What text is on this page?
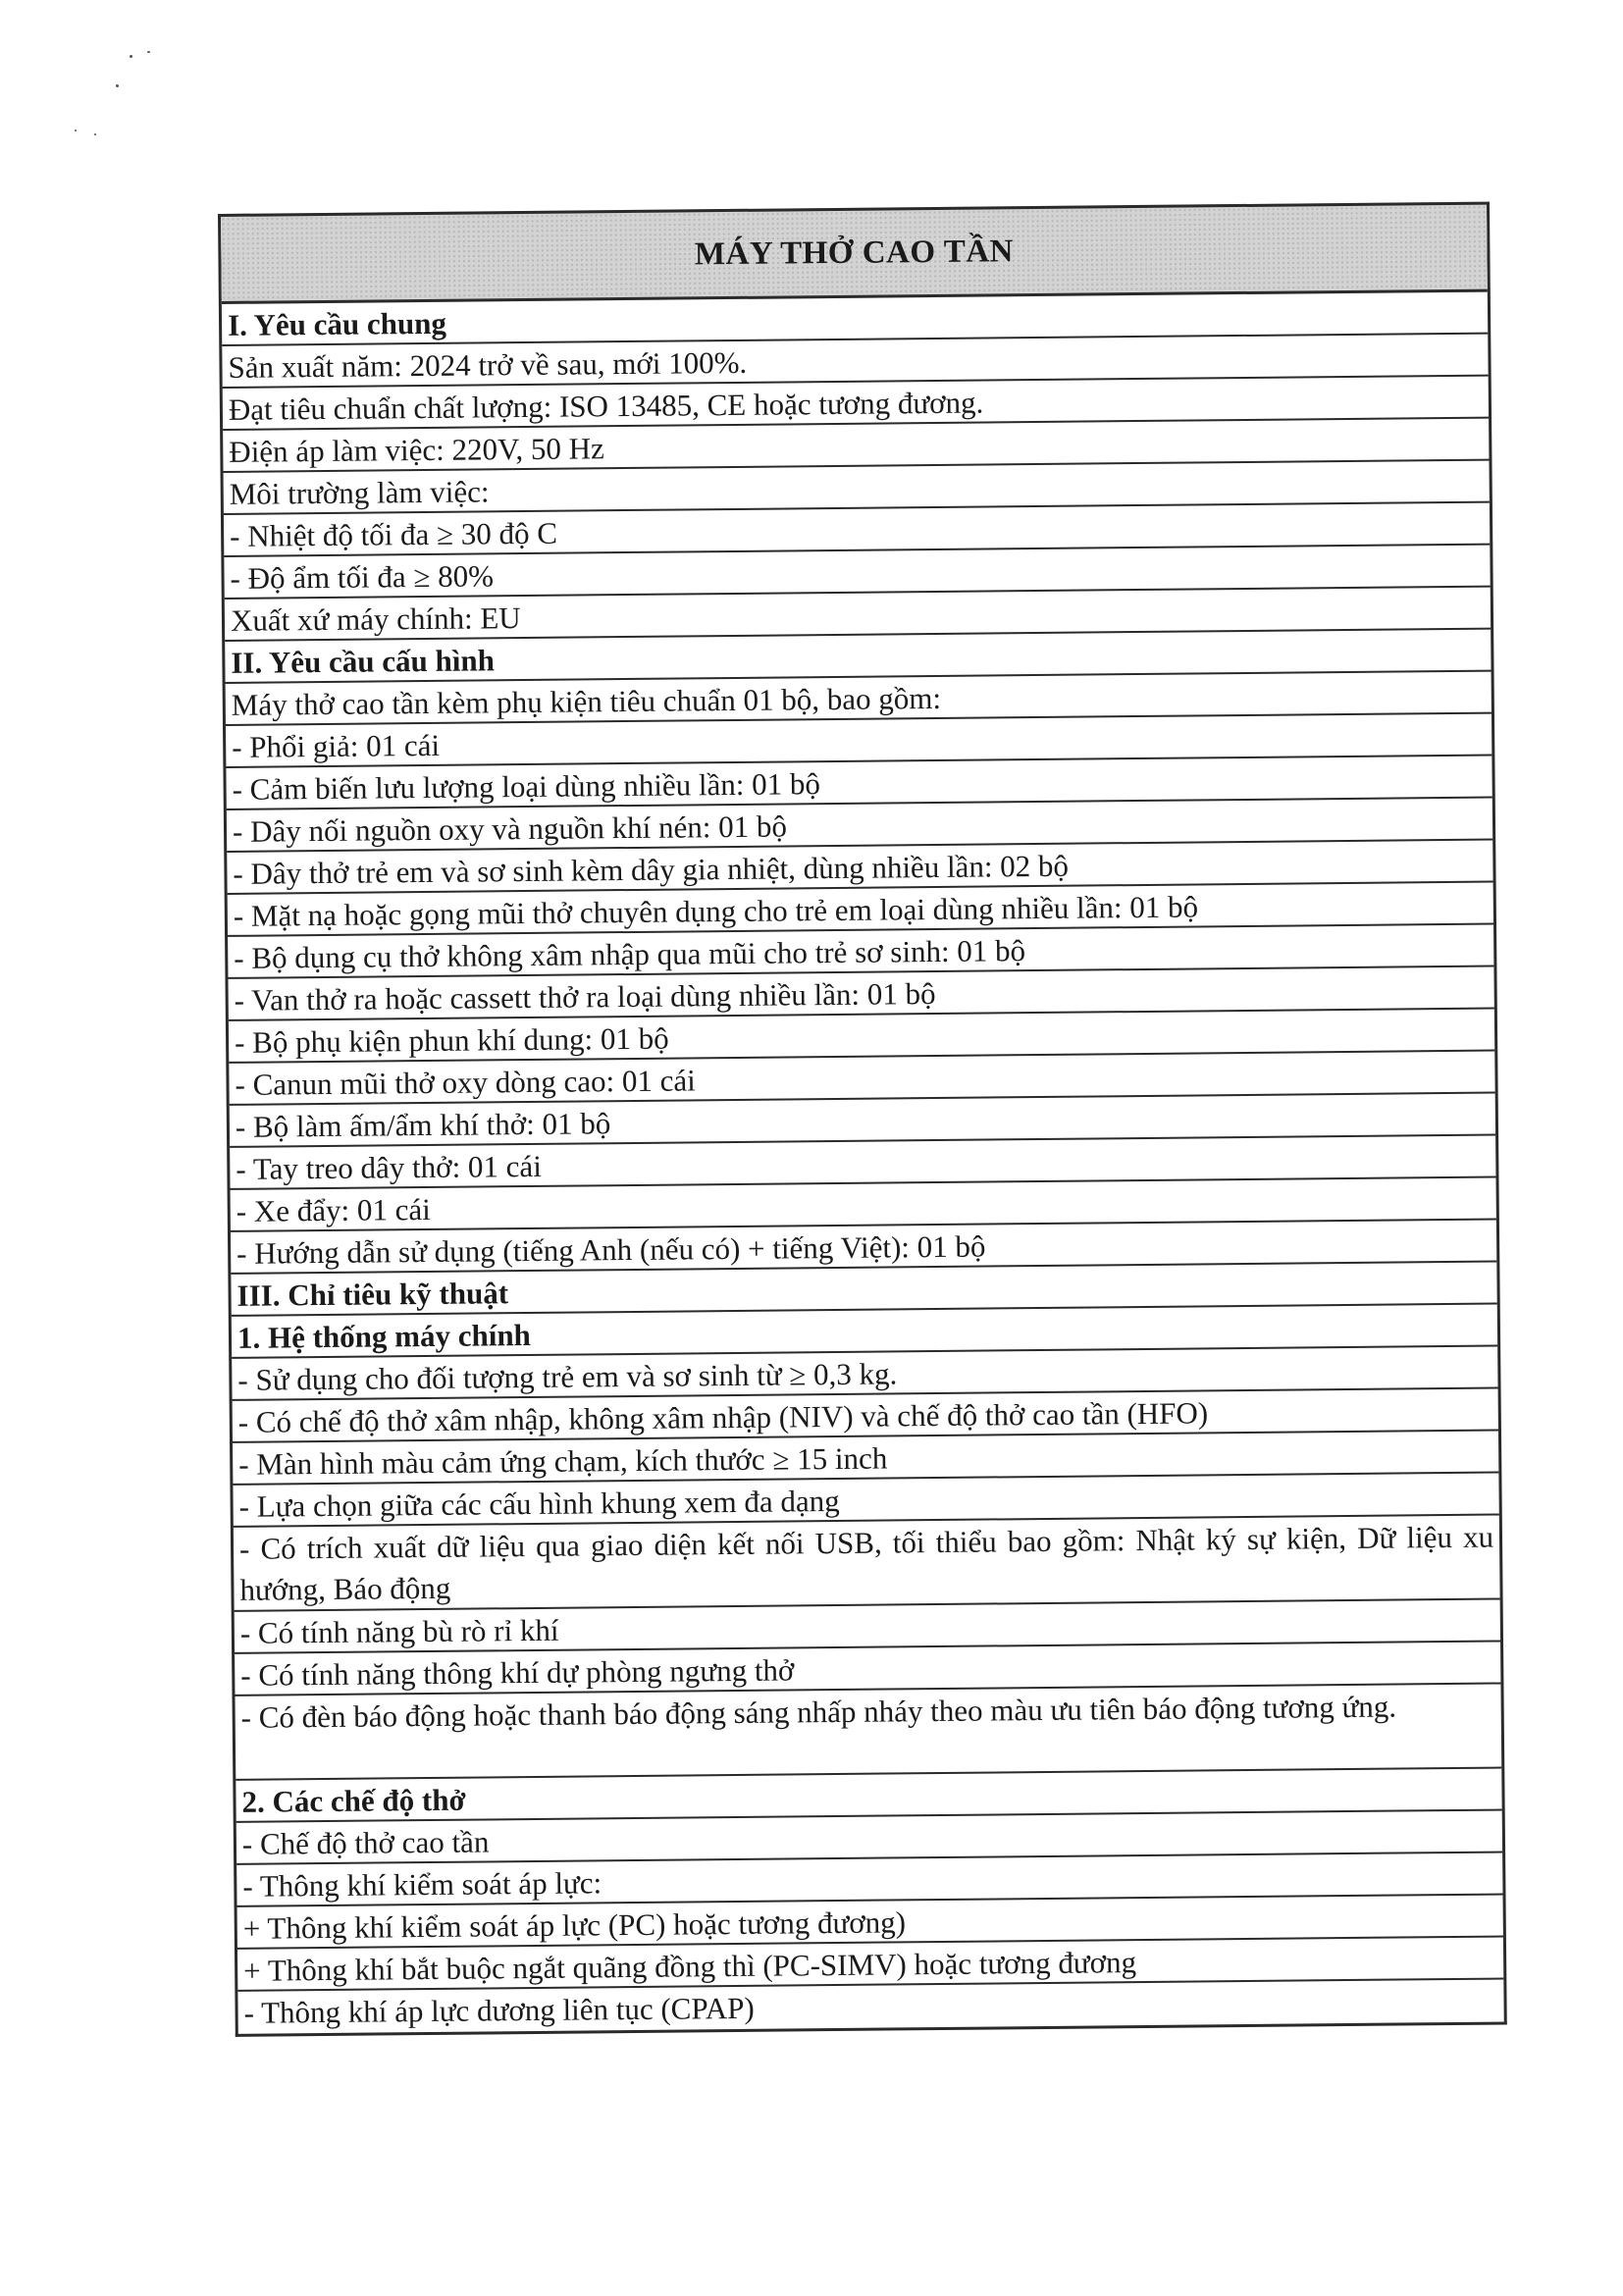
MÁY THỞ CAO TẦN
I. Yêu cầu chung
Sản xuất năm: 2024 trở về sau, mới 100%.
Đạt tiêu chuẩn chất lượng: ISO 13485, CE hoặc tương đương.
Điện áp làm việc: 220V, 50 Hz
Môi trường làm việc:
- Nhiệt độ tối đa ≥ 30 độ C
- Độ ẩm tối đa ≥ 80%
Xuất xứ máy chính: EU
II. Yêu cầu cấu hình
Máy thở cao tần kèm phụ kiện tiêu chuẩn 01 bộ, bao gồm:
- Phổi giả: 01 cái
- Cảm biến lưu lượng loại dùng nhiều lần: 01 bộ
- Dây nối nguồn oxy và nguồn khí nén: 01 bộ
- Dây thở trẻ em và sơ sinh kèm dây gia nhiệt, dùng nhiều lần: 02 bộ
- Mặt nạ hoặc gọng mũi thở chuyên dụng cho trẻ em loại dùng nhiều lần: 01 bộ
- Bộ dụng cụ thở không xâm nhập qua mũi cho trẻ sơ sinh: 01 bộ
- Van thở ra hoặc cassett thở ra loại dùng nhiều lần: 01 bộ
- Bộ phụ kiện phun khí dung: 01 bộ
- Canun mũi thở oxy dòng cao: 01 cái
- Bộ làm ấm/ẩm khí thở: 01 bộ
- Tay treo dây thở: 01 cái
- Xe đẩy: 01 cái
- Hướng dẫn sử dụng (tiếng Anh (nếu có) + tiếng Việt): 01 bộ
III. Chỉ tiêu kỹ thuật
1. Hệ thống máy chính
- Sử dụng cho đối tượng trẻ em và sơ sinh từ ≥ 0,3 kg.
- Có chế độ thở xâm nhập, không xâm nhập (NIV) và chế độ thở cao tần (HFO)
- Màn hình màu cảm ứng chạm, kích thước ≥ 15 inch
- Lựa chọn giữa các cấu hình khung xem đa dạng
- Có trích xuất dữ liệu qua giao diện kết nối USB, tối thiểu bao gồm: Nhật ký sự kiện, Dữ liệu xu hướng, Báo động
- Có tính năng bù rò rỉ khí
- Có tính năng thông khí dự phòng ngưng thở
- Có đèn báo động hoặc thanh báo động sáng nhấp nháy theo màu ưu tiên báo động tương ứng.
2. Các chế độ thở
- Chế độ thở cao tần
- Thông khí kiểm soát áp lực:
+ Thông khí kiểm soát áp lực (PC) hoặc tương đương)
+ Thông khí bắt buộc ngắt quãng đồng thì (PC-SIMV) hoặc tương đương
- Thông khí áp lực dương liên tục (CPAP)
